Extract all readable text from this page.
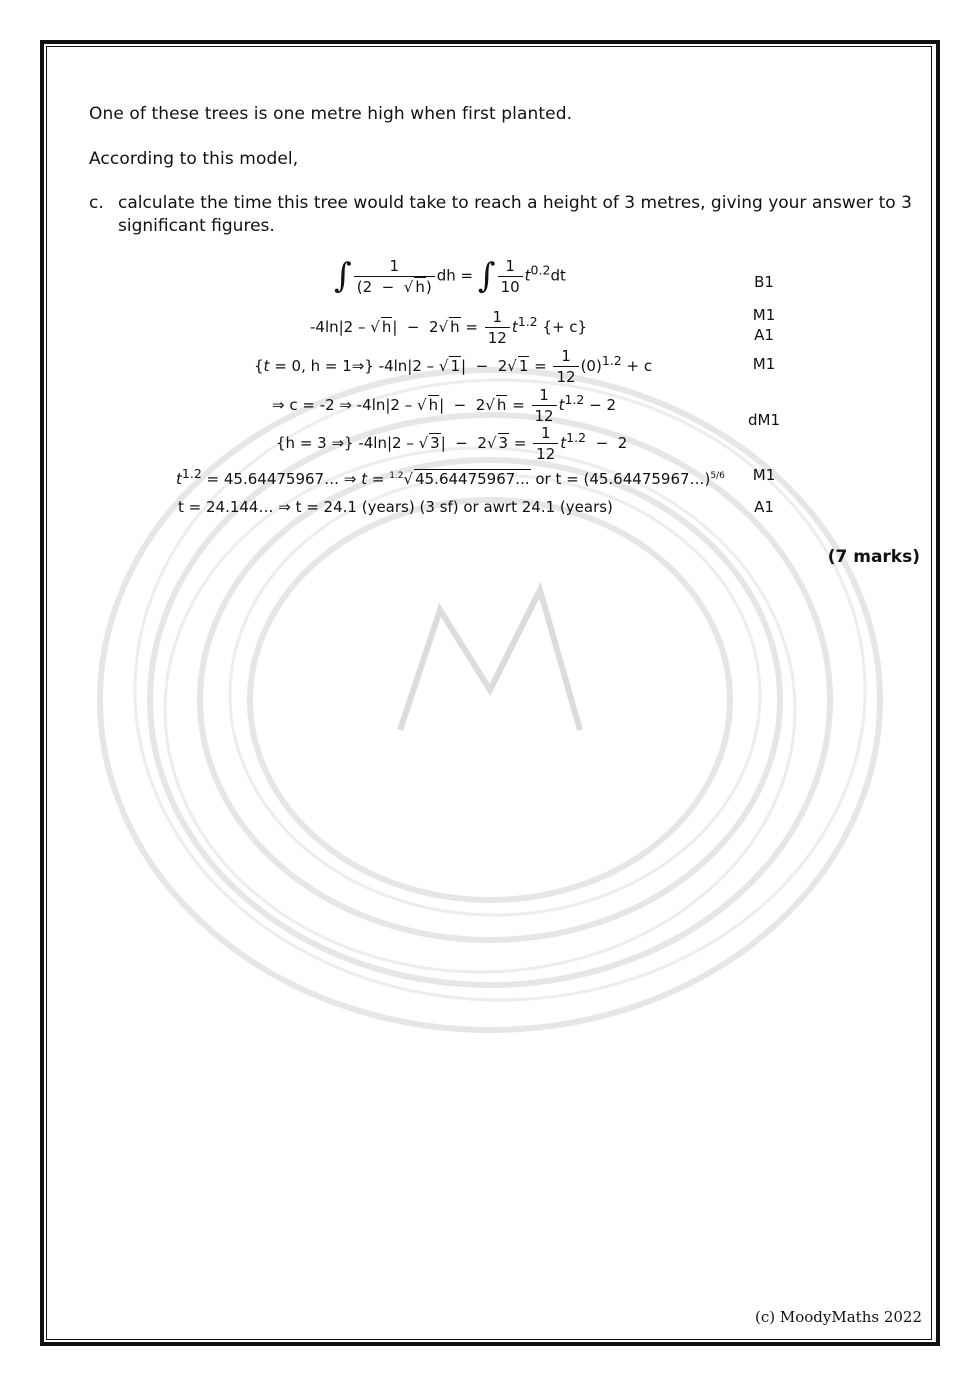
One of these trees is one metre high when first planted.
According to this model,
c. calculate the time this tree would take to reach a height of 3 metres, giving your answer to 3 significant figures.
∫ $\frac{1}{(2 - √ h)}$ dh = ∫ $\frac{1}{10} t^{0.2}dt$
-4ln|2 – √ h|  −  2√ $h = \frac{1}{12} t^{1.2}$ {+ c}
{t = 0, h = 1⇒} -4ln|2 – √ 1|  −  2√ $1 = \frac{1}{12} (0)^{1.2} + c$
⇒ c = -2 ⇒ -4ln|2 – √ h|  −  2√ $h = \frac{1}{12} t^{1.2} - 2$
{h = 3 ⇒} -4ln|2 – √ 3|  −  2√ $3 = \frac{1}{12} t^{1.2} - 2$
$t^{1.2}$ = 45.64475967… ⇒ t = $^{1.2}$√ 45.64475967... or t = (45.64475967…)$^{5/6}$
t = 24.144… ⇒ t = 24.1 (years) (3 sf) or awrt 24.1 (years)
B1
M1
A1
M1
dM1
M1
A1
(7 marks)
(c) MoodyMaths 2022
